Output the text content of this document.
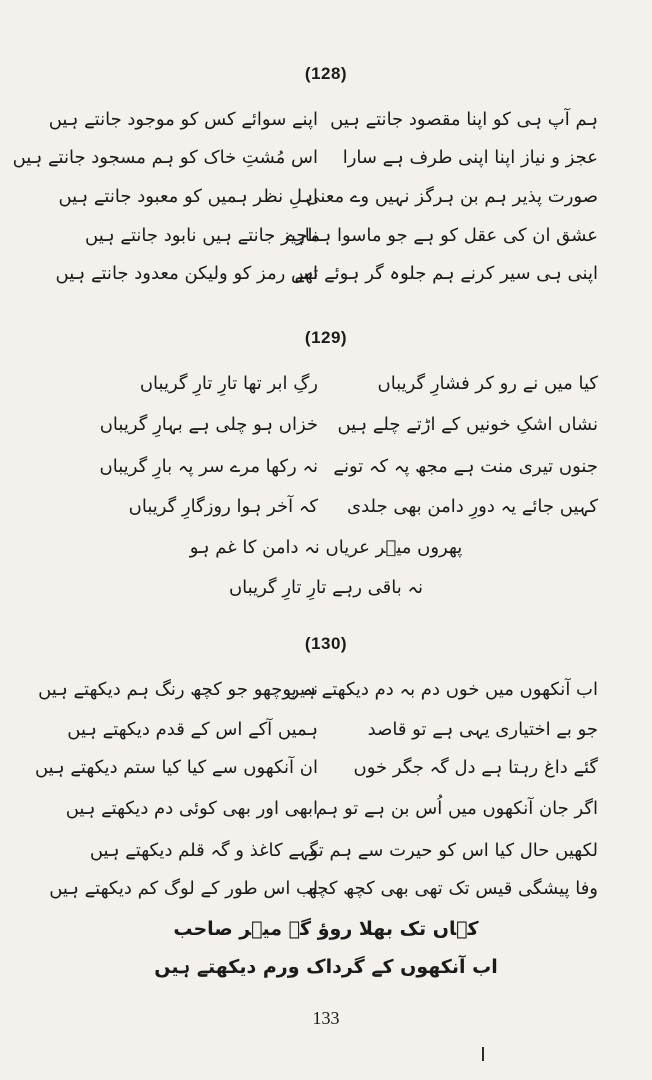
(128)
ہم آپ ہی کو اپنا مقصود جانتے ہیں
اپنے سوائے کس کو موجود جانتے ہیں
عجز و نیاز اپنا اپنی طرف ہے سارا
اس مُشتِ خاک کو ہم مسجود جانتے ہیں
صورت پذیر ہم بن ہرگز نہیں وے معنی
اہلِ نظر ہمیں کو معبود جانتے ہیں
عشق ان کی عقل کو ہے جو ماسوا ہمارے
ناچیز جانتے ہیں نابود جانتے ہیں
اپنی ہی سیر کرنے ہم جلوہ گر ہوئے تھے
اس رمز کو ولیکن معدود جانتے ہیں
(129)
کیا میں نے رو کر فشارِ گریباں
رگِ ابر تھا تارِ تارِ گریباں
نشاں اشکِ خونیں کے اڑتے چلے ہیں
خزاں ہو چلی ہے بہارِ گریباں
جنوں تیری منت ہے مجھ پہ کہ تونے
نہ رکھا مرے سر پہ بارِ گریباں
کہیں جائے یہ دورِ دامن بھی جلدی
کہ آخر ہوا روزگارِ گریباں
پھروں میؔر عریاں نہ دامن کا غم ہو
نہ باقی رہے تارِ تارِ گریباں
(130)
اب آنکھوں میں خوں دم بہ دم دیکھتے ہیں
نہ پوچھو جو کچھ رنگ ہم دیکھتے ہیں
جو بے اختیاری یہی ہے تو قاصد
ہمیں آکے اس کے قدم دیکھتے ہیں
گئے داغ رہتا ہے دل گہ جگر خوں
ان آنکھوں سے کیا کیا ستم دیکھتے ہیں
اگر جان آنکھوں میں اُس بن ہے تو ہم
ابھی اور بھی کوئی دم دیکھتے ہیں
لکھیں حال کیا اس کو حیرت سے ہم تو
گہے کاغذ و گہ قلم دیکھتے ہیں
وفا پیشگی قیس تک تھی بھی کچھ کچھ
اب اس طور کے لوگ کم دیکھتے ہیں
کہاں تک بھلا روؤ گے میؔر صاحب
اب آنکھوں کے گرداک ورم دیکھتے ہیں
133
